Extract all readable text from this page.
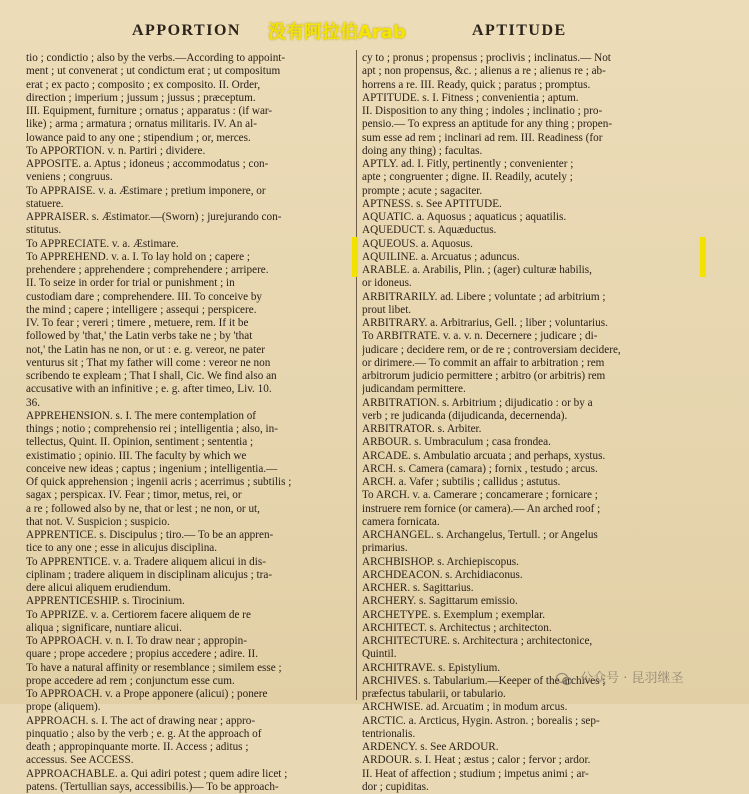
APPORTION	APTITUDE
没有阿拉伯Arab
tio ; condictio ; also by the verbs.—According to appoint-
ment ; ut convenerat ; ut condictum erat ; ut compositum
erat ; ex pacto ; composito ; ex composito. II. Order,
direction ; imperium ; jussum ; jussus ; præceptum.
III. Equipment, furniture ; ornatus ; apparatus : (if war-
like) ; arma ; armatura ; ornatus militaris. IV. An al-
lowance paid to any one ; stipendium ; or, merces.
To APPORTION. v. n. Partiri ; dividere.
APPOSITE. a. Aptus ; idoneus ; accommodatus ; con-
veniens ; congruus.
To APPRAISE. v. a. Æstimare ; pretium imponere, or
statuere.
APPRAISER. s. Æstimator.—(Sworn) ; jurejurando con-
stitutus.
To APPRECIATE. v. a. Æstimare.
To APPREHEND. v. a. I. To lay hold on ; capere ;
prehendere ; apprehendere ; comprehendere ; arripere.
II. To seize in order for trial or punishment ; in
custodiam dare ; comprehendere. III. To conceive by
the mind ; capere ; intelligere ; assequi ; perspicere.
IV. To fear ; vereri ; timere , metuere, rem. If it be
followed by 'that,' the Latin verbs take ne ; by 'that
not,' the Latin has ne non, or ut : e. g. vereor, ne pater
venturus sit ; That my father will come : vereor ne non
scribendo te expleam ; That I shall, Cic. We find also an
accusative with an infinitive ; e. g. after timeo, Liv. 10.
36.
APPREHENSION. s. I. The mere contemplation of
things ; notio ; comprehensio rei ; intelligentia ; also, in-
tellectus, Quint. II. Opinion, sentiment ; sententia ;
existimatio ; opinio. III. The faculty by which we
conceive new ideas ; captus ; ingenium ; intelligentia.—
Of quick apprehension ; ingenii acris ; acerrimus ; subtilis ;
sagax ; perspicax. IV. Fear ; timor, metus, rei, or
a re ; followed also by ne, that or lest ; ne non, or ut,
that not. V. Suspicion ; suspicio.
APPRENTICE. s. Discipulus ; tiro.— To be an appren-
tice to any one ; esse in alicujus disciplina.
To APPRENTICE. v. a. Tradere aliquem alicui in dis-
ciplinam ; tradere aliquem in disciplinam alicujus ; tra-
dere alicui aliquem erudiendum.
APPRENTICESHIP. s. Tirocinium.
To APPRIZE. v. a. Certiorem facere aliquem de re
aliqua ; significare, nuntiare alicui.
To APPROACH. v. n. I. To draw near ; appropin-
quare ; prope accedere ; propius accedere ; adire. II.
To have a natural affinity or resemblance ; similem esse ;
prope accedere ad rem ; conjunctum esse cum.
To APPROACH. v. a Prope apponere (alicui) ; ponere
prope (aliquem).
APPROACH. s. I. The act of drawing near ; appro-
pinquatio ; also by the verb ; e. g. At the approach of
death ; appropinquante morte. II. Access ; aditus ;
accessus. See ACCESS.
APPROACHABLE. a. Qui adiri potest ; quem adire licet ;
patens. (Tertullian says, accessibilis.)— To be approach-
cy to ; pronus ; propensus ; proclivis ; inclinatus.— Not
apt ; non propensus, &c. ; alienus a re ; alienus re ; ab-
horrens a re. III. Ready, quick ; paratus ; promptus.
APTITUDE. s. I. Fitness ; convenientia ; aptum.
II. Disposition to any thing ; indoles ; inclinatio ; pro-
pensio.— To express an aptitude for any thing ; propen-
sum esse ad rem ; inclinari ad rem. III. Readiness (for
doing any thing) ; facultas.
APTLY. ad. I. Fitly, pertinently ; convenienter ;
apte ; congruenter ; digne. II. Readily, acutely ;
prompte ; acute ; sagaciter.
APTNESS. s. See APTITUDE.
AQUATIC. a. Aquosus ; aquaticus ; aquatilis.
AQUEDUCT. s. Aquæductus.
AQUEOUS. a. Aquosus.
AQUILINE. a. Arcuatus ; aduncus.
ARABLE. a. Arabilis, Plin. ; (ager) culturæ habilis,
or idoneus.
ARBITRARILY. ad. Libere ; voluntate ; ad arbitrium ;
prout libet.
ARBITRARY. a. Arbitrarius, Gell. ; liber ; voluntarius.
To ARBITRATE. v. a. v. n. Decernere ; judicare ; di-
judicare ; decidere rem, or de re ; controversiam decidere,
or dirimere.— To commit an affair to arbitration ; rem
arbitrorum judicio permittere ; arbitro (or arbitris) rem
judicandam permittere.
ARBITRATION. s. Arbitrium ; dijudicatio : or by a
verb ; re judicanda (dijudicanda, decernenda).
ARBITRATOR. s. Arbiter.
ARBOUR. s. Umbraculum ; casa frondea.
ARCADE. s. Ambulatio arcuata ; and perhaps, xystus.
ARCH. s. Camera (camara) ; fornix , testudo ; arcus.
ARCH. a. Vafer ; subtilis ; callidus ; astutus.
To ARCH. v. a. Camerare ; concamerare ; fornicare ;
instruere rem fornice (or camera).— An arched roof ;
camera fornicata.
ARCHANGEL. s. Archangelus, Tertull. ; or Angelus
primarius.
ARCHBISHOP. s. Archiepiscopus.
ARCHDEACON. s. Archidiaconus.
ARCHER. s. Sagittarius.
ARCHERY. s. Sagittarum emissio.
ARCHETYPE. s. Exemplum ; exemplar.
ARCHITECT. s. Architectus ; architecton.
ARCHITECTURE. s. Architectura ; architectonice,
Quintil.
ARCHITRAVE. s. Epistylium.
ARCHIVES. s. Tabularium.—Keeper of the archives ;
præfectus tabularii, or tabulario.
ARCHWISE. ad. Arcuatim ; in modum arcus.
ARCTIC. a. Arcticus, Hygin. Astron. ; borealis ; sep-
tentrionalis.
ARDENCY. s. See ARDOUR.
ARDOUR. s. I. Heat ; æstus ; calor ; fervor ; ardor.
II. Heat of affection ; studium ; impetus animi ; ar-
dor ; cupiditas.
公众号 · 昆羽继圣
